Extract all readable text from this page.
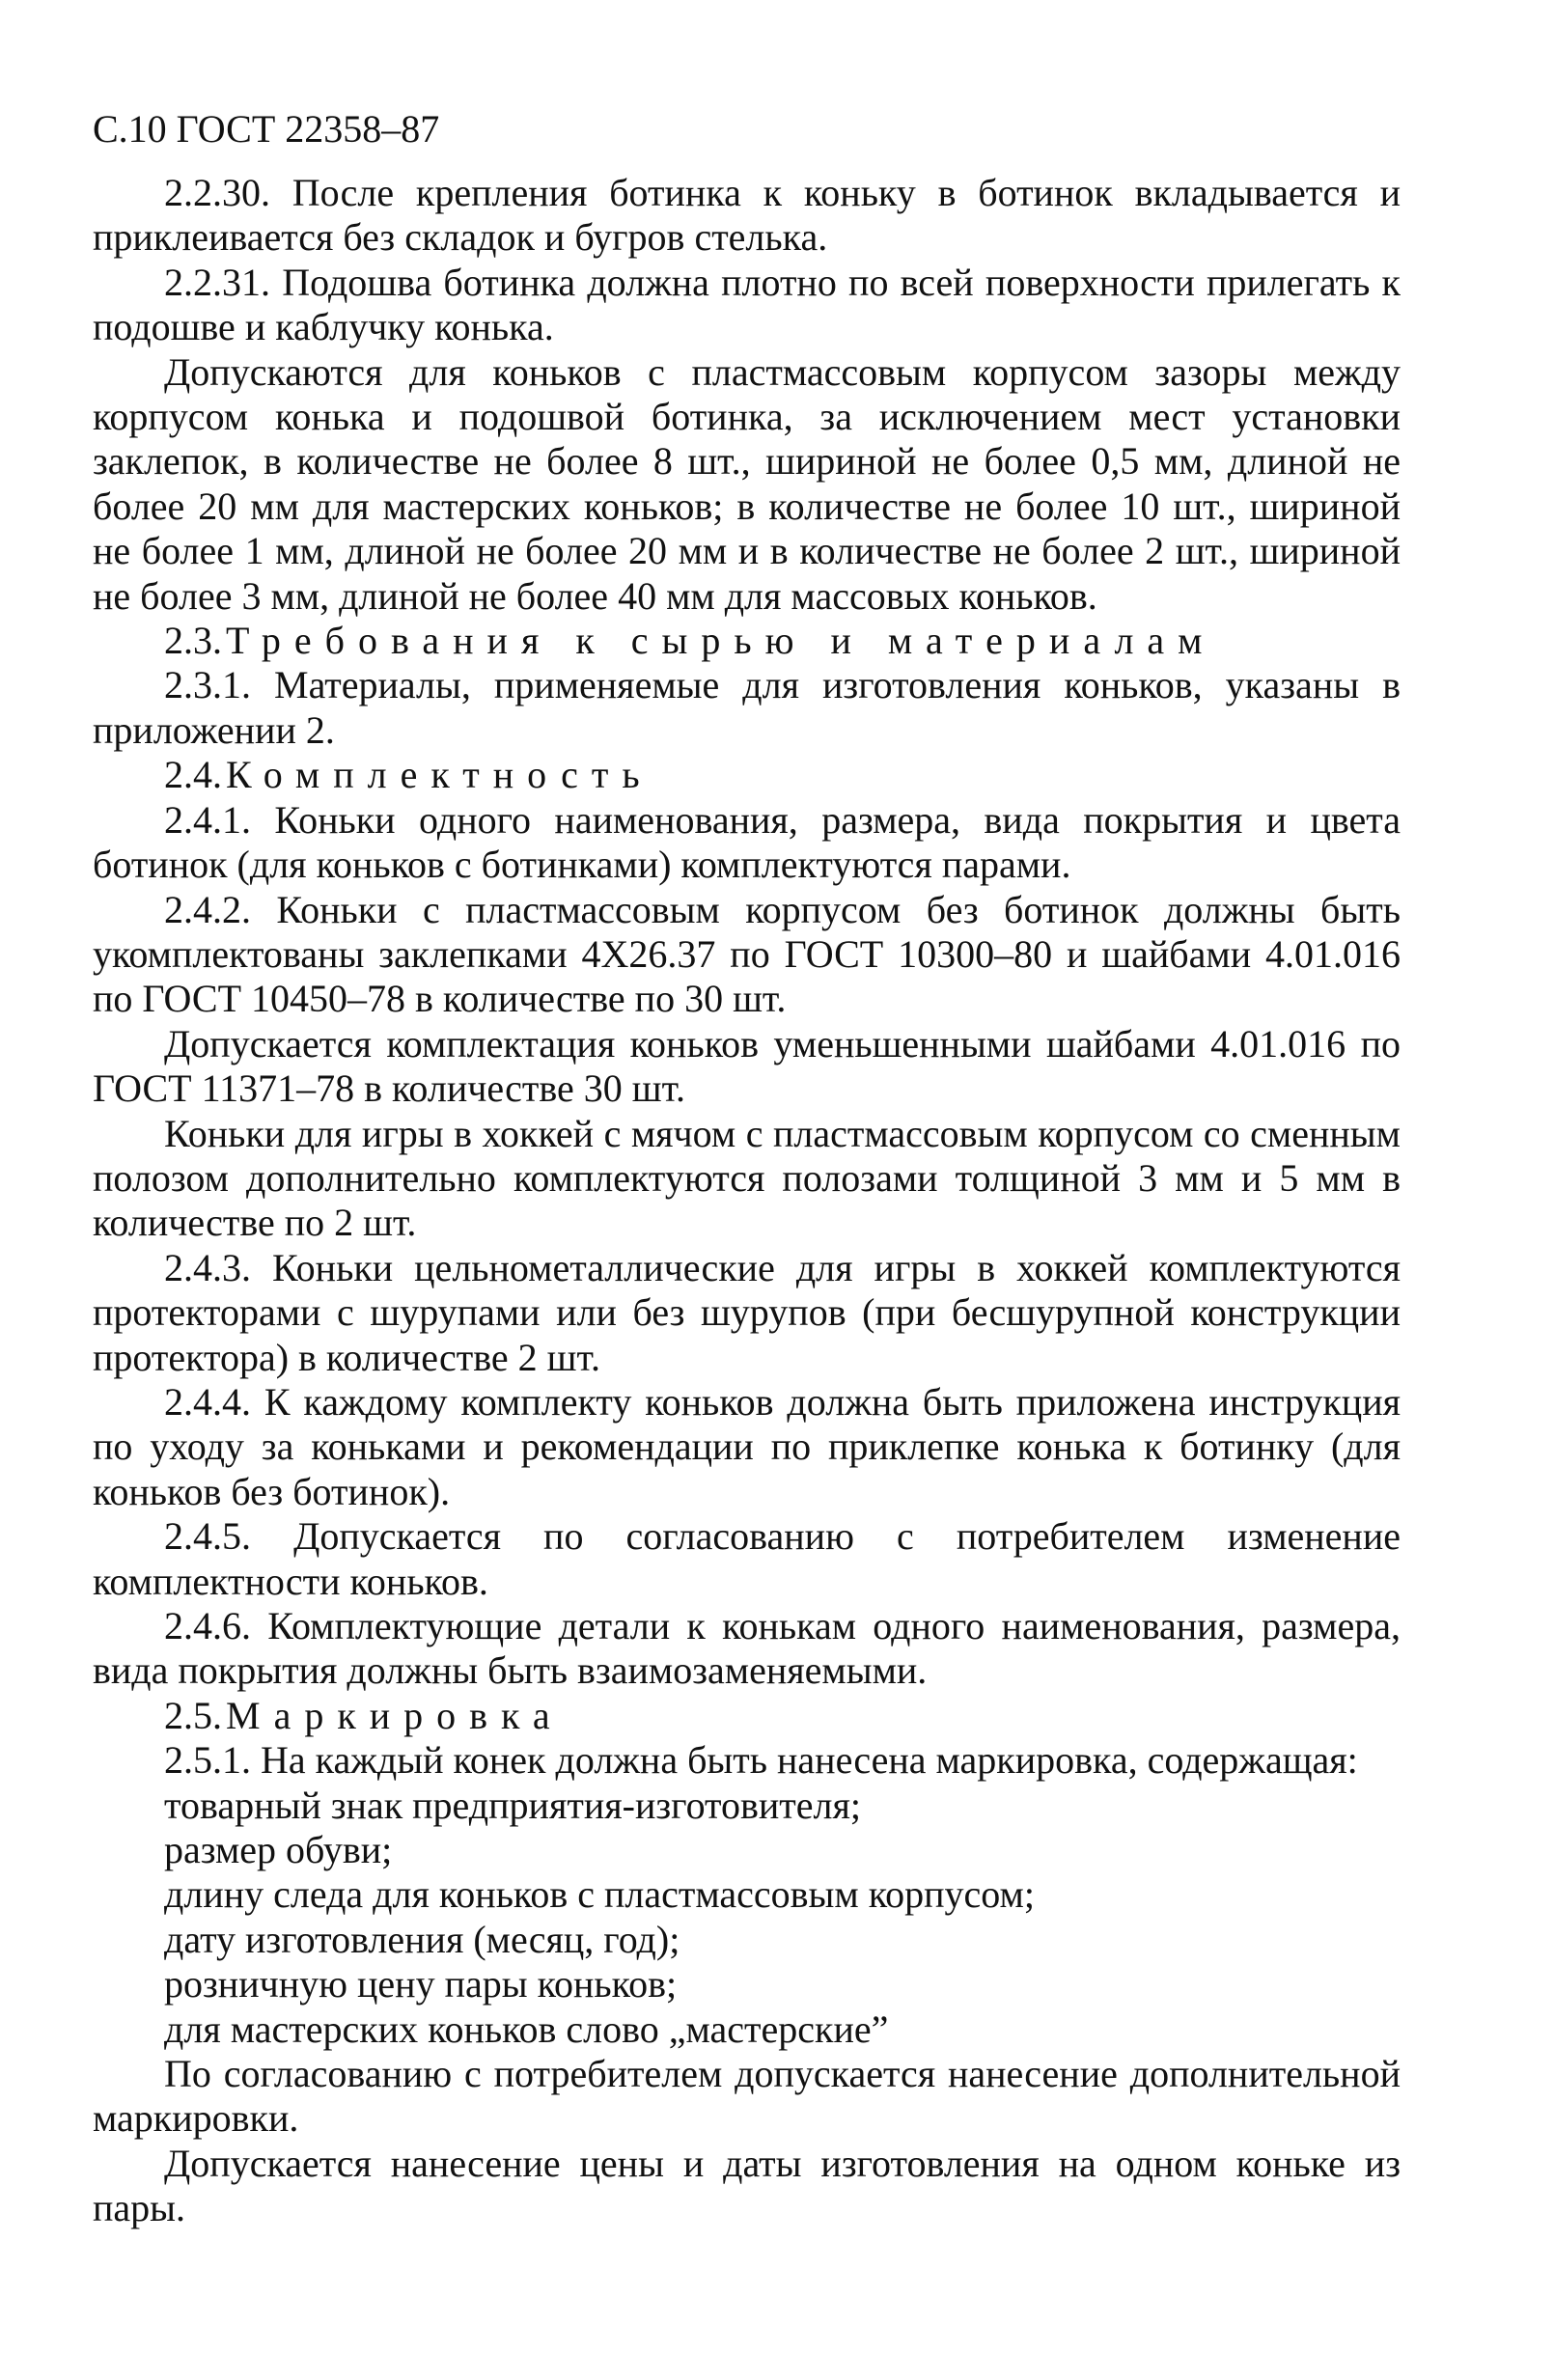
С.10 ГОСТ 22358–87

2.2.30. После крепления ботинка к коньку в ботинок вкладывается и приклеивается без складок и бугров стелька.

2.2.31. Подошва ботинка должна плотно по всей поверхности прилегать к подошве и каблучку конька.

Допускаются для коньков с пластмассовым корпусом зазоры между корпусом конька и подошвой ботинка, за исключением мест установки заклепок, в количестве не более 8 шт., шириной не более 0,5 мм, длиной не более 20 мм для мастерских коньков; в количестве не более 10 шт., шириной не более 1 мм, длиной не более 20 мм и в количестве не более 2 шт., шириной не более 3 мм, длиной не более 40 мм для массовых коньков.

2.3. Требования к сырью и материалам

2.3.1. Материалы, применяемые для изготовления коньков, указаны в приложении 2.

2.4. Комплектность

2.4.1. Коньки одного наименования, размера, вида покрытия и цвета ботинок (для коньков с ботинками) комплектуются парами.

2.4.2. Коньки с пластмассовым корпусом без ботинок должны быть укомплектованы заклепками 4Х26.37 по ГОСТ 10300–80 и шайбами 4.01.016 по ГОСТ 10450–78 в количестве по 30 шт.

Допускается комплектация коньков уменьшенными шайбами 4.01.016 по ГОСТ 11371–78 в количестве 30 шт.

Коньки для игры в хоккей с мячом с пластмассовым корпусом со сменным полозом дополнительно комплектуются полозами толщиной 3 мм и 5 мм в количестве по 2 шт.

2.4.3. Коньки цельнометаллические для игры в хоккей комплектуются протекторами с шурупами или без шурупов (при бесшурупной конструкции протектора) в количестве 2 шт.

2.4.4. К каждому комплекту коньков должна быть приложена инструкция по уходу за коньками и рекомендации по приклепке конька к ботинку (для коньков без ботинок).

2.4.5. Допускается по согласованию с потребителем изменение комплектности коньков.

2.4.6. Комплектующие детали к конькам одного наименования, размера, вида покрытия должны быть взаимозаменяемыми.

2.5. Маркировка

2.5.1. На каждый конек должна быть нанесена маркировка, содержащая:

товарный знак предприятия-изготовителя;
размер обуви;
длину следа для коньков с пластмассовым корпусом;
дату изготовления (месяц, год);
розничную цену пары коньков;
для мастерских коньков слово „мастерские”

По согласованию с потребителем допускается нанесение дополнительной маркировки.

Допускается нанесение цены и даты изготовления на одном коньке из пары.
